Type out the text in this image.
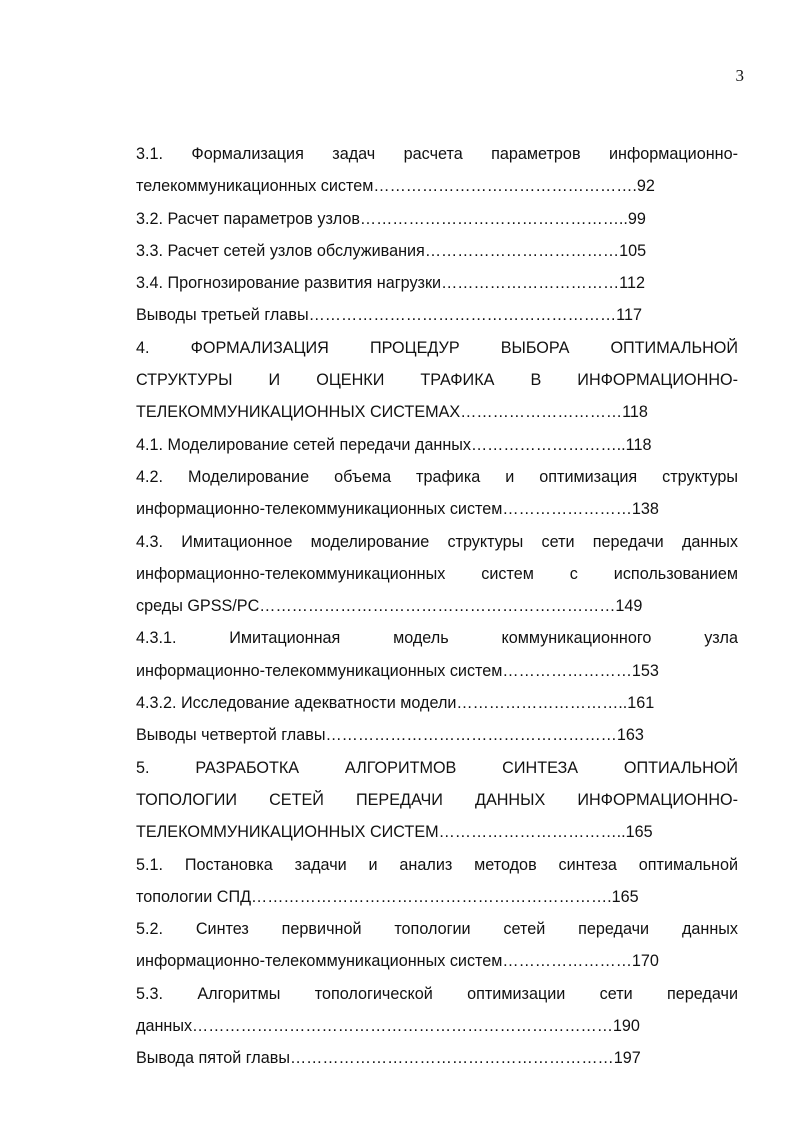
3
3.1. Формализация задач расчета параметров информационно-
телекоммуникационных систем………………………………………….92
3.2. Расчет параметров узлов…………………………………………..99
3.3. Расчет сетей узлов обслуживания………………………………105
3.4. Прогнозирование развития нагрузки……………………………112
Выводы третьей главы…………………………………………………117
4. ФОРМАЛИЗАЦИЯ ПРОЦЕДУР ВЫБОРА ОПТИМАЛЬНОЙ
СТРУКТУРЫ И ОЦЕНКИ ТРАФИКА В ИНФОРМАЦИОННО-
ТЕЛЕКОММУНИКАЦИОННЫХ СИСТЕМАХ…………………………118
4.1. Моделирование сетей передачи данных………………………..118
4.2. Моделирование объема трафика и оптимизация структуры
информационно-телекоммуникационных систем……………………138
4.3. Имитационное моделирование структуры сети передачи данных
информационно-телекоммуникационных систем с использованием
среды GPSS/PC…………………………………………………………149
4.3.1. Имитационная модель коммуникационного узла
информационно-телекоммуникационных систем……………………153
4.3.2. Исследование адекватности модели…………………………..161
Выводы четвертой главы………………………………………………163
5. РАЗРАБОТКА АЛГОРИТМОВ СИНТЕЗА ОПТИАЛЬНОЙ
ТОПОЛОГИИ СЕТЕЙ ПЕРЕДАЧИ ДАННЫХ ИНФОРМАЦИОННО-
ТЕЛЕКОММУНИКАЦИОННЫХ СИСТЕМ……………………………..165
5.1. Постановка задачи и анализ методов синтеза оптимальной
топологии СПД………………………………………………………….165
5.2. Синтез первичной топологии сетей передачи данных
информационно-телекоммуникационных систем……………………170
5.3. Алгоритмы топологической оптимизации сети передачи
данных……………………………………………………………………190
Вывода пятой главы……………………………………………………197
